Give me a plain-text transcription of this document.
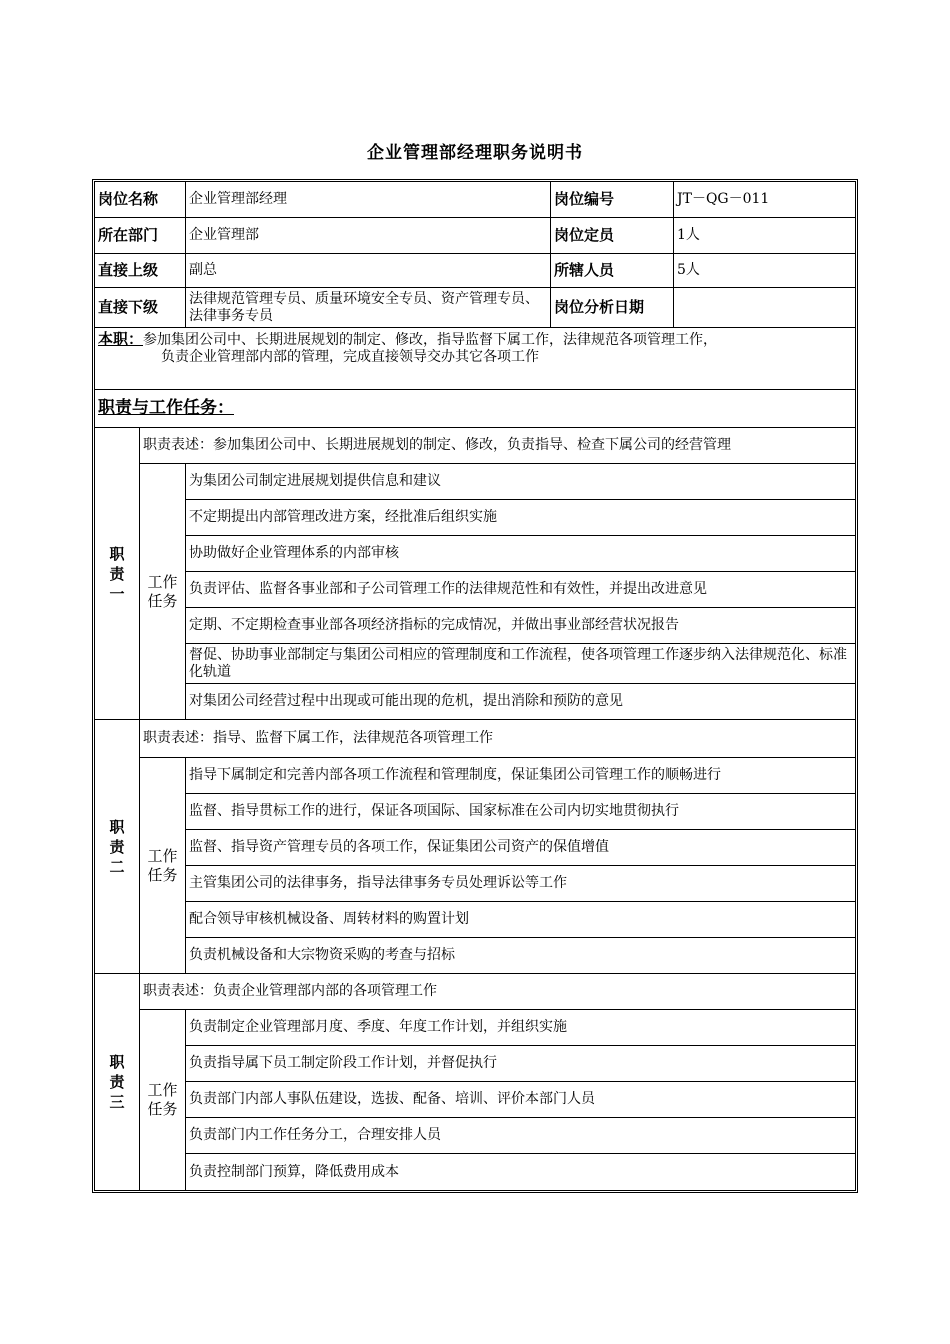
企业管理部经理职务说明书
岗位名称	企业管理部经理	岗位编号	JT－QG－011
所在部门	企业管理部	岗位定员	1人
直接上级	副总	所辖人员	5人
直接下级	法律规范管理专员、质量环境安全专员、资产管理专员、法律事务专员	岗位分析日期
本职：参加集团公司中、长期进展规划的制定、修改，指导监督下属工作，法律规范各项管理工作，
负责企业管理部内部的管理，完成直接领导交办其它各项工作
职责与工作任务：
职责一
职责表述：参加集团公司中、长期进展规划的制定、修改，负责指导、检查下属公司的经营管理
工作任务
为集团公司制定进展规划提供信息和建议
不定期提出内部管理改进方案，经批准后组织实施
协助做好企业管理体系的内部审核
负责评估、监督各事业部和子公司管理工作的法律规范性和有效性，并提出改进意见
定期、不定期检查事业部各项经济指标的完成情况，并做出事业部经营状况报告
督促、协助事业部制定与集团公司相应的管理制度和工作流程，使各项管理工作逐步纳入法律规范化、标准化轨道
对集团公司经营过程中出现或可能出现的危机，提出消除和预防的意见
职责二
职责表述：指导、监督下属工作，法律规范各项管理工作
工作任务
指导下属制定和完善内部各项工作流程和管理制度，保证集团公司管理工作的顺畅进行
监督、指导贯标工作的进行，保证各项国际、国家标准在公司内切实地贯彻执行
监督、指导资产管理专员的各项工作，保证集团公司资产的保值增值
主管集团公司的法律事务，指导法律事务专员处理诉讼等工作
配合领导审核机械设备、周转材料的购置计划
负责机械设备和大宗物资采购的考查与招标
职责三
职责表述：负责企业管理部内部的各项管理工作
工作任务
负责制定企业管理部月度、季度、年度工作计划，并组织实施
负责指导属下员工制定阶段工作计划，并督促执行
负责部门内部人事队伍建设，选拔、配备、培训、评价本部门人员
负责部门内工作任务分工，合理安排人员
负责控制部门预算，降低费用成本
